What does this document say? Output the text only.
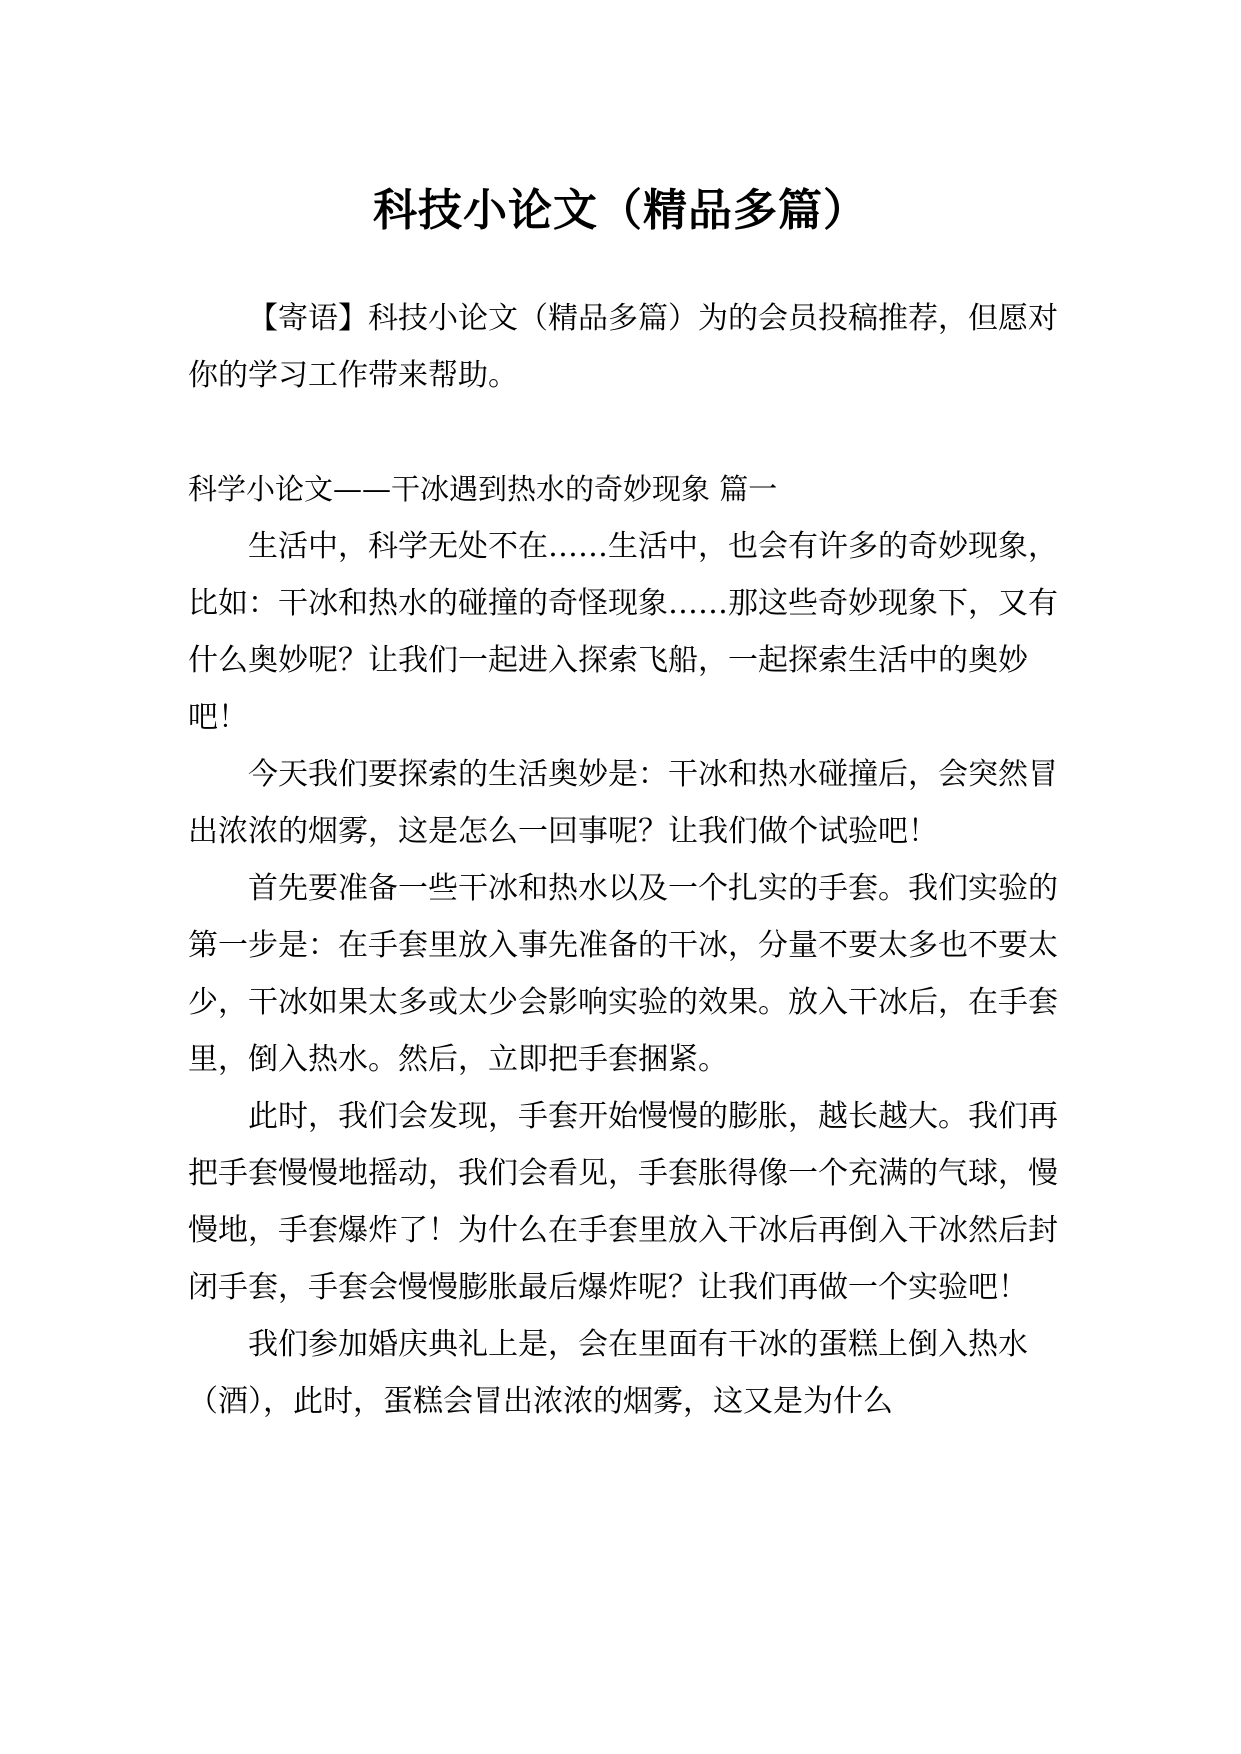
科技小论文（精品多篇）

【寄语】科技小论文（精品多篇）为的会员投稿推荐，但愿对你的学习工作带来帮助。

科学小论文——干冰遇到热水的奇妙现象 篇一

生活中，科学无处不在……生活中，也会有许多的奇妙现象，比如：干冰和热水的碰撞的奇怪现象……那这些奇妙现象下，又有什么奥妙呢？让我们一起进入探索飞船，一起探索生活中的奥妙吧！

今天我们要探索的生活奥妙是：干冰和热水碰撞后，会突然冒出浓浓的烟雾，这是怎么一回事呢？让我们做个试验吧！

首先要准备一些干冰和热水以及一个扎实的手套。我们实验的第一步是：在手套里放入事先准备的干冰，分量不要太多也不要太少，干冰如果太多或太少会影响实验的效果。放入干冰后，在手套里，倒入热水。然后，立即把手套捆紧。

此时，我们会发现，手套开始慢慢的膨胀，越长越大。我们再把手套慢慢地摇动，我们会看见，手套胀得像一个充满的气球，慢慢地，手套爆炸了！为什么在手套里放入干冰后再倒入干冰然后封闭手套，手套会慢慢膨胀最后爆炸呢？让我们再做一个实验吧！

我们参加婚庆典礼上是，会在里面有干冰的蛋糕上倒入热水（酒），此时，蛋糕会冒出浓浓的烟雾，这又是为什么
